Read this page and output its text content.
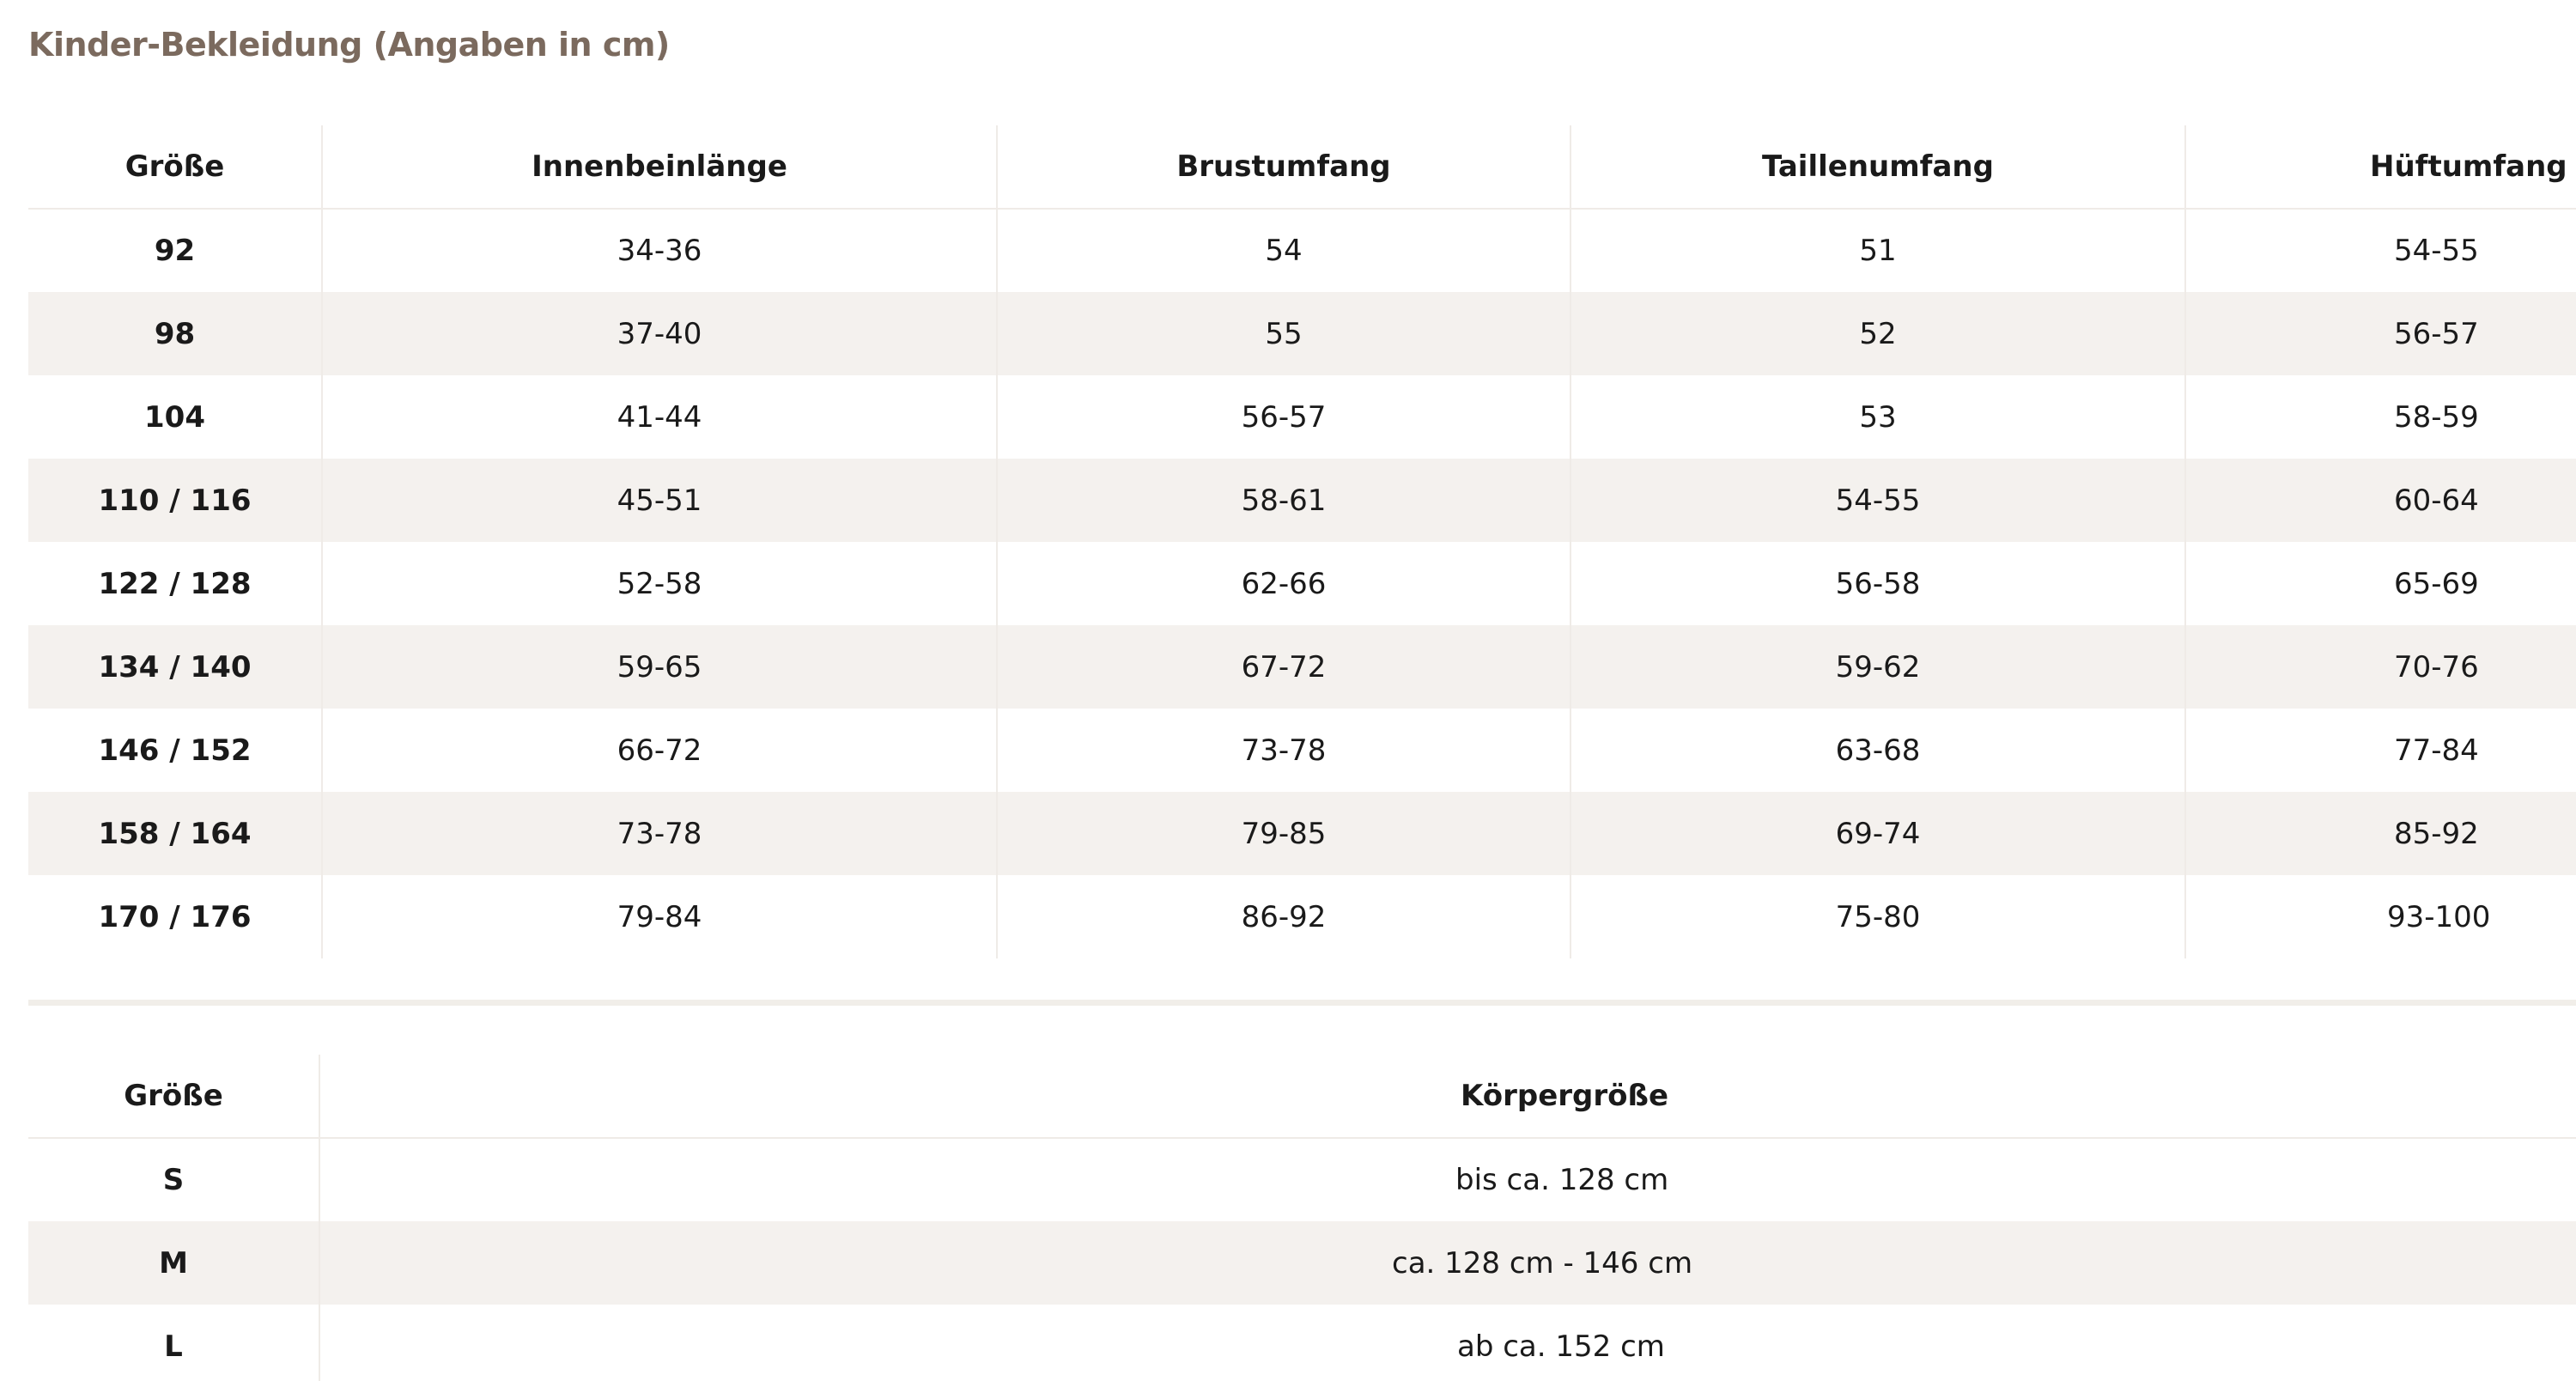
Kinder-Bekleidung (Angaben in cm)
Größe	Innenbeinlänge	Brustumfang	Taillenumfang	Hüftumfang
92	34-36	54	51	54-55
98	37-40	55	52	56-57
104	41-44	56-57	53	58-59
110 / 116	45-51	58-61	54-55	60-64
122 / 128	52-58	62-66	56-58	65-69
134 / 140	59-65	67-72	59-62	70-76
146 / 152	66-72	73-78	63-68	77-84
158 / 164	73-78	79-85	69-74	85-92
170 / 176	79-84	86-92	75-80	93-100
Größe	Körpergröße
S	bis ca. 128 cm
M	ca. 128 cm - 146 cm
L	ab ca. 152 cm
